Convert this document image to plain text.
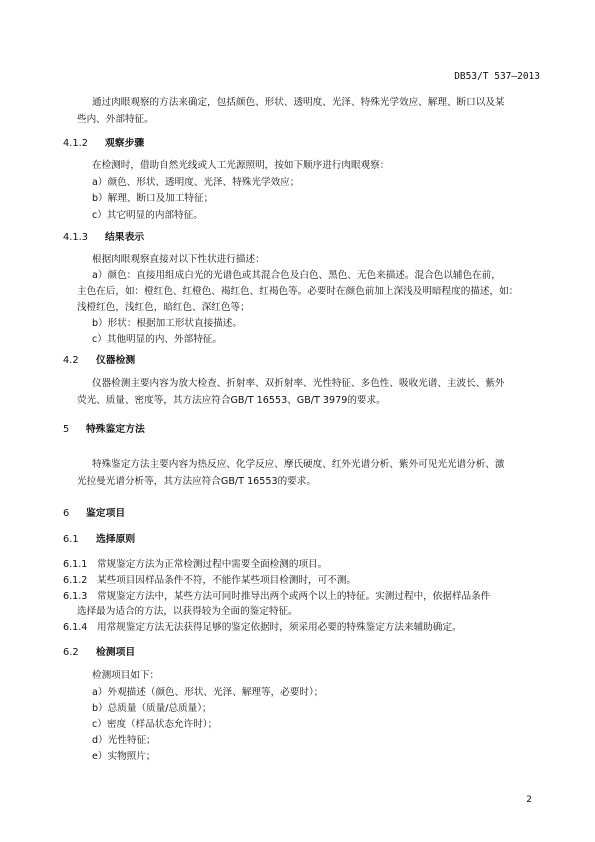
DB53/T 537—2013
通过肉眼观察的方法来确定，包括颜色、形状、透明度、光泽、特殊光学效应、解理、断口以及某
些内、外部特征。
4.1.2 观察步骤
在检测时，借助自然光线或人工光源照明，按如下顺序进行肉眼观察：
a）颜色、形状、透明度、光泽、特殊光学效应；
b）解理、断口及加工特征；
c）其它明显的内部特征。
4.1.3 结果表示
根据肉眼观察直接对以下性状进行描述：
a）颜色：直接用组成白光的光谱色或其混合色及白色、黑色、无色来描述。混合色以辅色在前，
主色在后，如：橙红色、红橙色、褐红色、红褐色等。必要时在颜色前加上深浅及明暗程度的描述，如：
浅橙红色，浅红色，暗红色、深红色等；
b）形状：根据加工形状直接描述。
c）其他明显的内、外部特征。
4.2 仪器检测
仪器检测主要内容为放大检查、折射率、双折射率、光性特征、多色性、吸收光谱、主波长、紫外
荧光、质量、密度等，其方法应符合GB/T 16553、GB/T 3979的要求。
5 特殊鉴定方法
特殊鉴定方法主要内容为热反应、化学反应、摩氏硬度、红外光谱分析、紫外可见光光谱分析、激
光拉曼光谱分析等，其方法应符合GB/T 16553的要求。
6 鉴定项目
6.1 选择原则
6.1.1 常规鉴定方法为正常检测过程中需要全面检测的项目。
6.1.2 某些项目因样品条件不符，不能作某些项目检测时，可不测。
6.1.3 常规鉴定方法中，某些方法可同时推导出两个或两个以上的特征。实测过程中，依据样品条件
选择最为适合的方法，以获得较为全面的鉴定特征。
6.1.4 用常规鉴定方法无法获得足够的鉴定依据时，须采用必要的特殊鉴定方法来辅助确定。
6.2 检测项目
检测项目如下：
a）外观描述（颜色、形状、光泽、解理等，必要时）；
b）总质量（质量/总质量）；
c）密度（样品状态允许时）；
d）光性特征；
e）实物照片；
2
